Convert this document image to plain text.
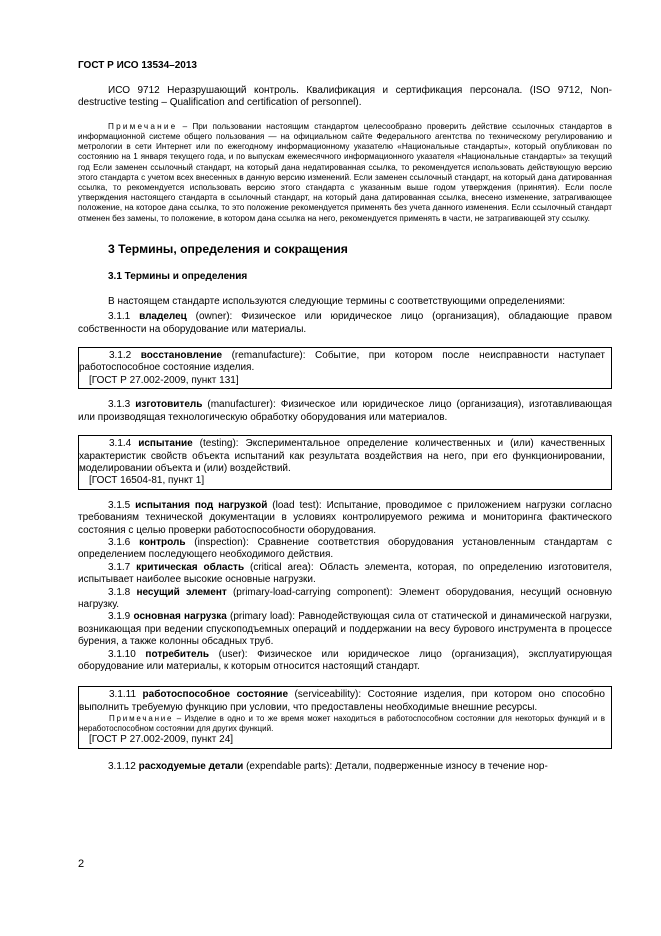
ГОСТ Р ИСО 13534–2013

ИСО 9712 Неразрушающий контроль. Квалификация и сертификация персонала. (ISO 9712, Non-destructive testing – Qualification and certification of personnel).

Примечание – При пользовании настоящим стандартом целесообразно проверить действие ссылочных стандартов в информационной системе общего пользования — на официальном сайте Федерального агентства по техническому регулированию и метрологии в сети Интернет или по ежегодному информационному указателю «Национальные стандарты», который опубликован по состоянию на 1 января текущего года, и по выпускам ежемесячного информационного указателя «Национальные стандарты» за текущий год Если заменен ссылочный стандарт, на который дана недатированная ссылка, то рекомендуется использовать действующую версию этого стандарта с учетом всех внесенных в данную версию изменений. Если заменен ссылочный стандарт, на который дана датированная ссылка, то рекомендуется использовать версию этого стандарта с указанным выше годом утверждения (принятия). Если после утверждения настоящего стандарта в ссылочный стандарт, на который дана датированная ссылка, внесено изменение, затрагивающее положение, на которое дана ссылка, то это положение рекомендуется применять без учета данного изменения. Если ссылочный стандарт отменен без замены, то положение, в котором дана ссылка на него, рекомендуется применять в части, не затрагивающей эту ссылку.

3 Термины, определения и сокращения
3.1 Термины и определения

В настоящем стандарте используются следующие термины с соответствующими определениями:

3.1.1 владелец (owner): Физическое или юридическое лицо (организация), обладающие правом собственности на оборудование или материалы.

3.1.2 восстановление (remanufacture): Событие, при котором после неисправности наступает работоспособное состояние изделия.

[ГОСТ Р 27.002-2009, пункт 131]

3.1.3 изготовитель (manufacturer): Физическое или юридическое лицо (организация), изготавливающая или производящая технологическую обработку оборудования или материалов.

3.1.4 испытание (testing): Экспериментальное определение количественных и (или) качественных характеристик свойств объекта испытаний как результата воздействия на него, при его функционировании, моделировании объекта и (или) воздействий.

[ГОСТ 16504-81, пункт 1]

3.1.5 испытания под нагрузкой (load test): Испытание, проводимое с приложением нагрузки согласно требованиям технической документации в условиях контролируемого режима и мониторинга фактического состояния с целью проверки работоспособности оборудования.

3.1.6 контроль (inspection): Сравнение соответствия оборудования установленным стандартам с определением последующего необходимого действия.

3.1.7 критическая область (critical area): Область элемента, которая, по определению изготовителя, испытывает наиболее высокие основные нагрузки.

3.1.8 несущий элемент (primary-load-carrying component): Элемент оборудования, несущий основную нагрузку.

3.1.9 основная нагрузка (primary load): Равнодействующая сила от статической и динамической нагрузки, возникающая при ведении спускоподъемных операций и поддержании на весу бурового инструмента в процессе бурения, а также колонны обсадных труб.

3.1.10 потребитель (user): Физическое или юридическое лицо (организация), эксплуатирующая оборудование или материалы, к которым относится настоящий стандарт.

3.1.11 работоспособное состояние (serviceability): Состояние изделия, при котором оно способно выполнить требуемую функцию при условии, что предоставлены необходимые внешние ресурсы.

Примечание – Изделие в одно и то же время может находиться в работоспособном состоянии для некоторых функций и в неработоспособном состоянии для других функций.

[ГОСТ Р 27.002-2009, пункт 24]

3.1.12 расходуемые детали (expendable parts): Детали, подверженные износу в течение нор-

2
